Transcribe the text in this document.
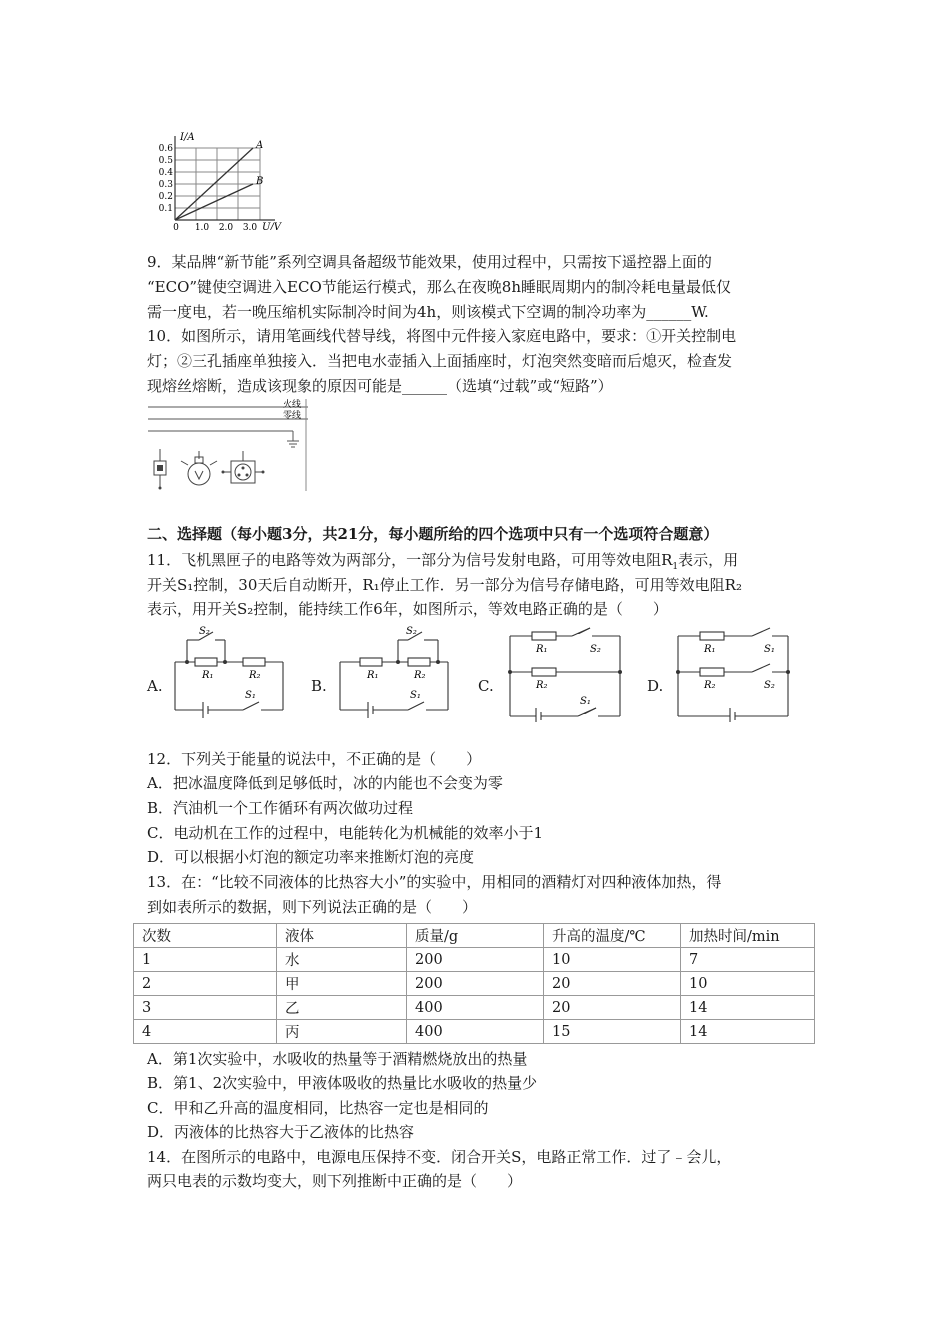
I/A
A
B
0.6
0.5
0.4
0.3
0.2
0.1
0 1.0 2.0 3.0 U/V
9．某品牌“新节能”系列空调具备超级节能效果，使用过程中，只需按下遥控器上面的
“ECO”键使空调进入ECO节能运行模式，那么在夜晚8h睡眠周期内的制冷耗电量最低仅
需一度电，若一晚压缩机实际制冷时间为4h，则该模式下空调的制冷功率为______W.
10．如图所示，请用笔画线代替导线，将图中元件接入家庭电路中，要求：①开关控制电
灯；②三孔插座单独接入．当把电水壶插入上面插座时，灯泡突然变暗而后熄灭，检查发
现熔丝熔断，造成该现象的原因可能是______（选填“过载”或“短路”）
火线
零线
二、选择题（每小题3分，共21分，每小题所给的四个选项中只有一个选项符合题意）
11．飞机黑匣子的电路等效为两部分，一部分为信号发射电路，可用等效电阻$R_1$表示，用
开关S₁控制，30天后自动断开，R₁停止工作．另一部分为信号存储电路，可用等效电阻R₂
表示，用开关S₂控制，能持续工作6年，如图所示，等效电路正确的是（　　）
A.	B.	C.	D.
S₂
R₁	R₂
S₁
S₂
R₁	R₂
S₁
R₁	S₂
R₂
S₁
R₁	S₁
R₂	S₂
12．下列关于能量的说法中，不正确的是（　　）
A．把冰温度降低到足够低时，冰的内能也不会变为零
B．汽油机一个工作循环有两次做功过程
C．电动机在工作的过程中，电能转化为机械能的效率小于1
D．可以根据小灯泡的额定功率来推断灯泡的亮度
13．在：“比较不同液体的比热容大小”的实验中，用相同的酒精灯对四种液体加热，得
到如表所示的数据，则下列说法正确的是（　　）
次数	液体	质量/g	升高的温度/℃	加热时间/min
1	水	200	10	7
2	甲	200	20	10
3	乙	400	20	14
4	丙	400	15	14
A．第1次实验中，水吸收的热量等于酒精燃烧放出的热量
B．第1、2次实验中，甲液体吸收的热量比水吸收的热量少
C．甲和乙升高的温度相同，比热容一定也是相同的
D．丙液体的比热容大于乙液体的比热容
14．在图所示的电路中，电源电压保持不变．闭合开关S，电路正常工作．过了﹣会儿，
两只电表的示数均变大，则下列推断中正确的是（　　）
